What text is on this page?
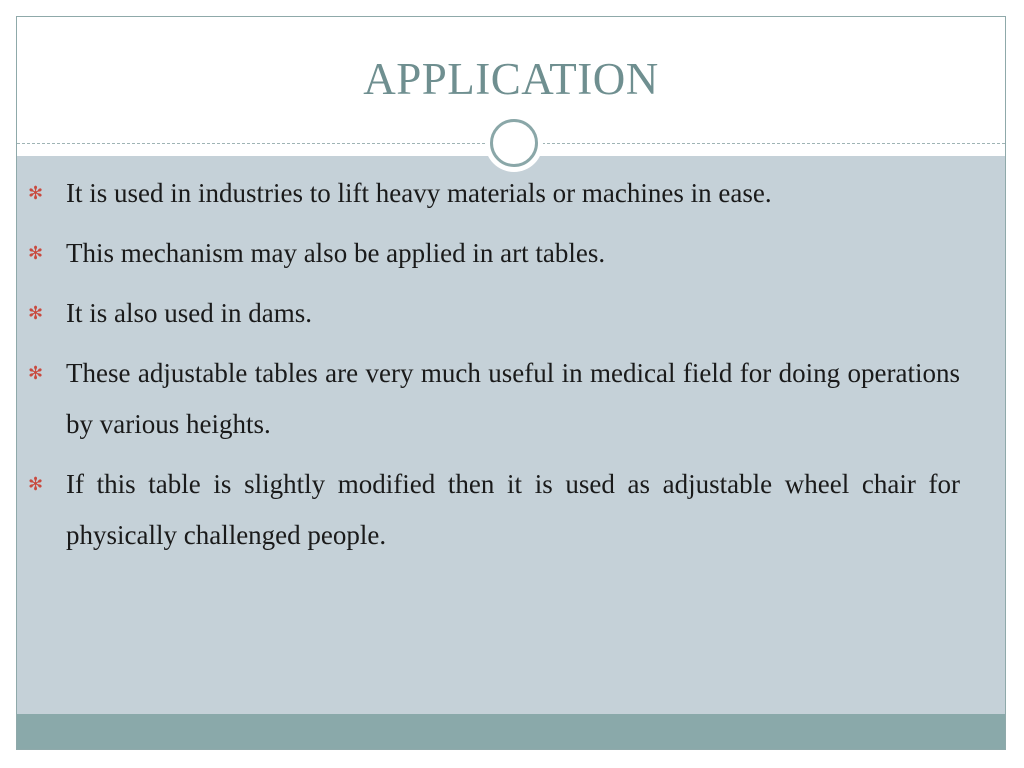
APPLICATION
✻ It is used in industries to lift heavy materials or machines in ease.
✻ This mechanism may also be applied in art tables.
✻ It is also used in dams.
✻ These adjustable tables are very much useful in medical field for doing operations by various heights.
✻ If this table is slightly modified then it is used as adjustable wheel chair for physically challenged people.
